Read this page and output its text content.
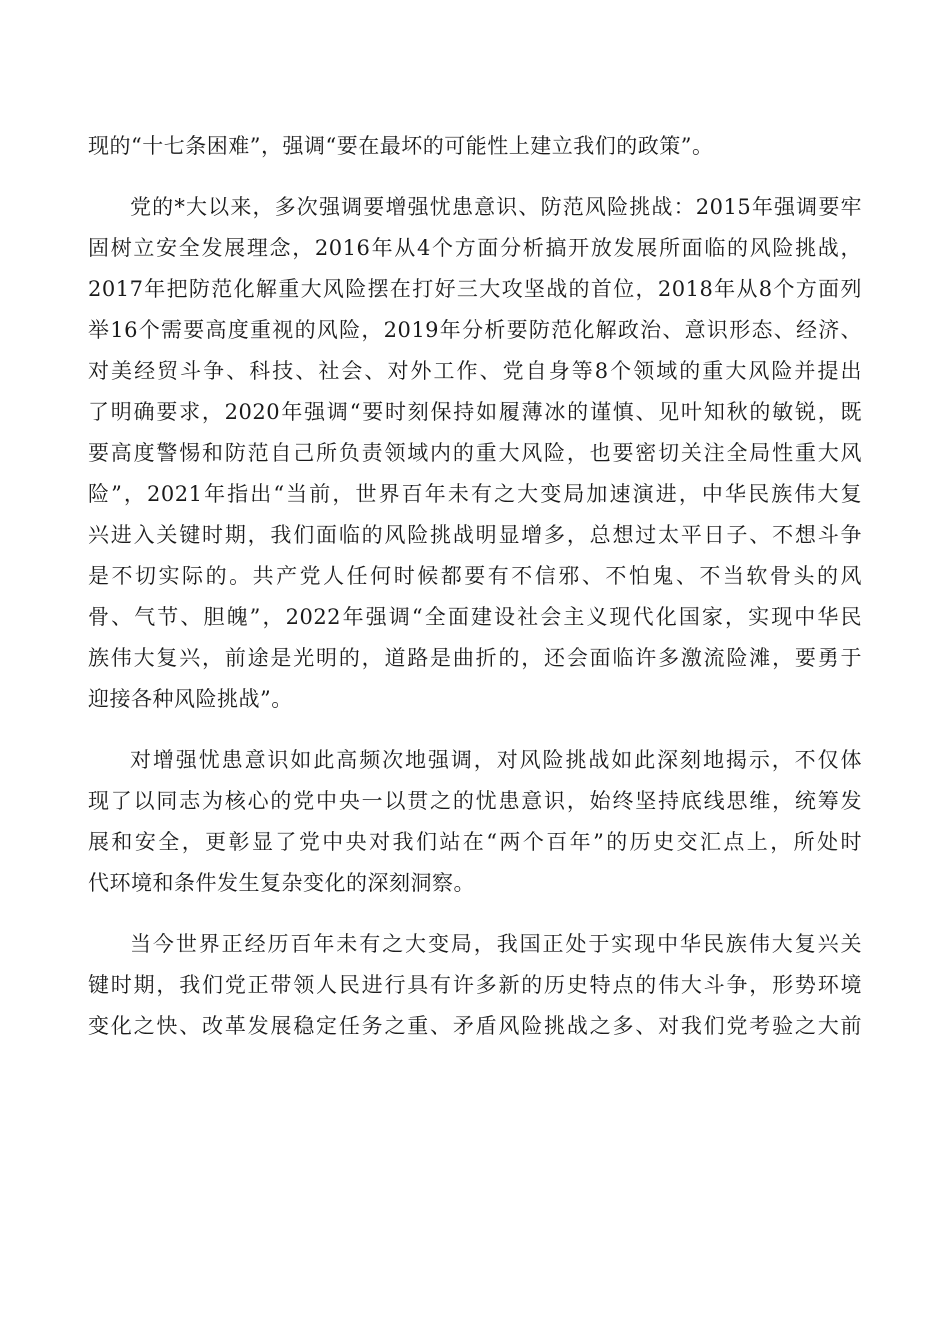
现的“十七条困难”，强调“要在最坏的可能性上建立我们的政策”。
党的*大以来，多次强调要增强忧患意识、防范风险挑战：2015年强调要牢
固树立安全发展理念，2016年从4个方面分析搞开放发展所面临的风险挑战，
2017年把防范化解重大风险摆在打好三大攻坚战的首位，2018年从8个方面列
举16个需要高度重视的风险，2019年分析要防范化解政治、意识形态、经济、
对美经贸斗争、科技、社会、对外工作、党自身等8个领域的重大风险并提出
了明确要求，2020年强调“要时刻保持如履薄冰的谨慎、见叶知秋的敏锐，既
要高度警惕和防范自己所负责领域内的重大风险，也要密切关注全局性重大风
险”，2021年指出“当前，世界百年未有之大变局加速演进，中华民族伟大复
兴进入关键时期，我们面临的风险挑战明显增多，总想过太平日子、不想斗争
是不切实际的。共产党人任何时候都要有不信邪、不怕鬼、不当软骨头的风
骨、气节、胆魄”，2022年强调“全面建设社会主义现代化国家，实现中华民
族伟大复兴，前途是光明的，道路是曲折的，还会面临许多激流险滩，要勇于
迎接各种风险挑战”。
对增强忧患意识如此高频次地强调，对风险挑战如此深刻地揭示，不仅体
现了以同志为核心的党中央一以贯之的忧患意识，始终坚持底线思维，统筹发
展和安全，更彰显了党中央对我们站在“两个百年”的历史交汇点上，所处时
代环境和条件发生复杂变化的深刻洞察。
当今世界正经历百年未有之大变局，我国正处于实现中华民族伟大复兴关
键时期，我们党正带领人民进行具有许多新的历史特点的伟大斗争，形势环境
变化之快、改革发展稳定任务之重、矛盾风险挑战之多、对我们党考验之大前
